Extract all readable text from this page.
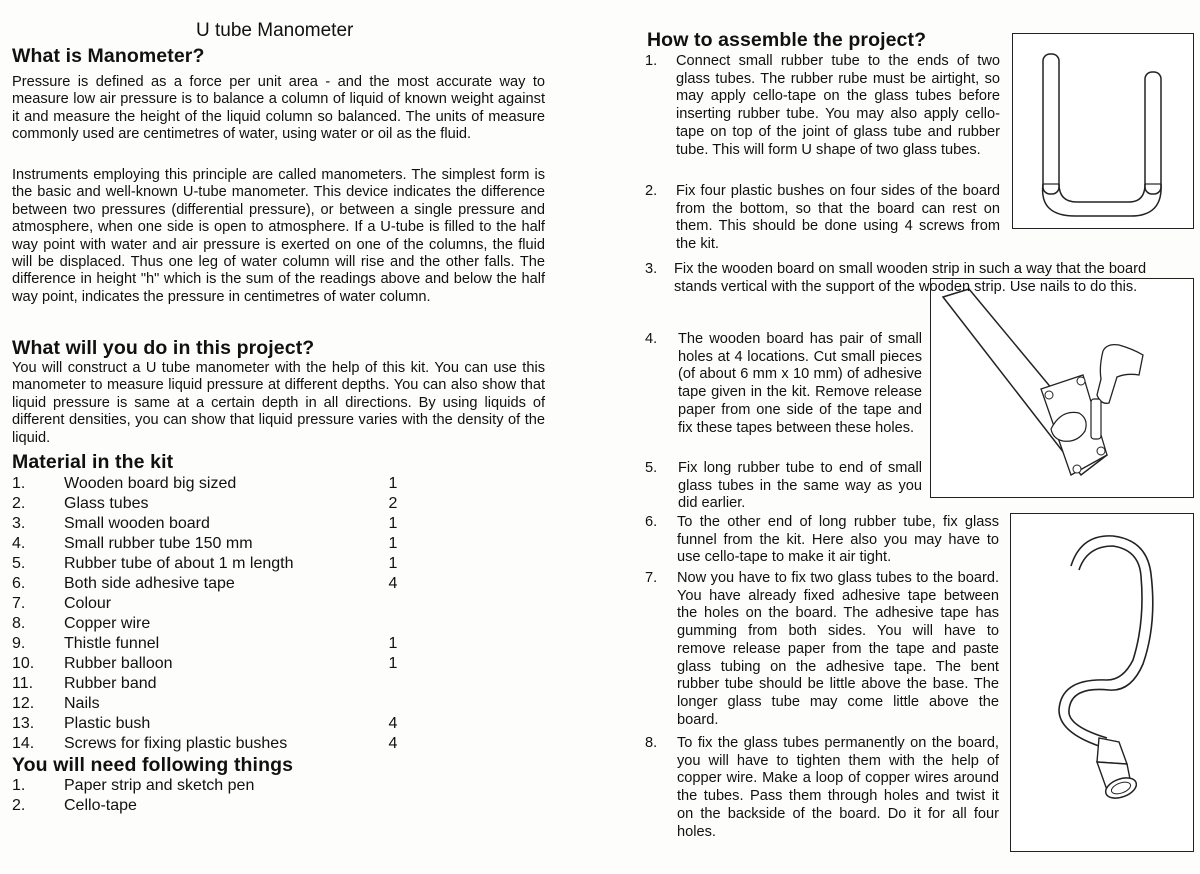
U tube Manometer
What is Manometer?

Pressure is defined as a force per unit area - and the most accurate way to measure low air pressure is to balance a column of liquid of known weight against it and measure the height of the liquid column so balanced. The units of measure commonly used are centimetres of water, using water or oil as the fluid.

Instruments employing this principle are called manometers. The simplest form is the basic and well-known U-tube manometer. This device indicates the difference between two pressures (differential pressure), or between a single pressure and atmosphere, when one side is open to atmosphere. If a U-tube is filled to the half way point with water and air pressure is exerted on one of the columns, the fluid will be displaced. Thus one leg of water column will rise and the other falls. The difference in height "h" which is the sum of the readings above and below the half way point, indicates the pressure in centimetres of water column.

What will you do in this project?

You will construct a U tube manometer with the help of this kit. You can use this manometer to measure liquid pressure at different depths. You can also show that liquid pressure is same at a certain depth in all directions. By using liquids of different densities, you can show that liquid pressure varies with the density of the liquid.

Material in the kit
1. Wooden board big sized	1
2. Glass tubes	2
3. Small wooden board	1
4. Small rubber tube 150 mm	1
5. Rubber tube of about 1 m length	1
6. Both side adhesive tape	4
7. Colour
8. Copper wire
9. Thistle funnel	1
10. Rubber balloon	1
11. Rubber band
12. Nails
13. Plastic bush	4
14. Screws for fixing plastic bushes	4
You will need following things
1. Paper strip and sketch pen
2. Cello-tape
How to assemble the project?
1. Connect small rubber tube to the ends of two glass tubes. The rubber rube must be airtight, so may apply cello-tape on the glass tubes before inserting rubber tube. You may also apply cello-tape on top of the joint of glass tube and rubber tube. This will form U shape of two glass tubes.

2. Fix four plastic bushes on four sides of the board from the bottom, so that the board can rest on them. This should be done using 4 screws from the kit.

3. Fix the wooden board on small wooden strip in such a way that the board stands vertical with the support of the wooden strip. Use nails to do this.

4. The wooden board has pair of small holes at 4 locations. Cut small pieces (of about 6 mm x 10 mm) of adhesive tape given in the kit. Remove release paper from one side of the tape and fix these tapes between these holes.

5. Fix long rubber tube to end of small glass tubes in the same way as you did earlier.

6. To the other end of long rubber tube, fix glass funnel from the kit. Here also you may have to use cello-tape to make it air tight.

7. Now you have to fix two glass tubes to the board. You have already fixed adhesive tape between the holes on the board. The adhesive tape has gumming from both sides. You will have to remove release paper from the tape and paste glass tubing on the adhesive tape. The bent rubber tube should be little above the base. The longer glass tube may come little above the board.

8. To fix the glass tubes permanently on the board, you will have to tighten them with the help of copper wire. Make a loop of copper wires around the tubes. Pass them through holes and twist it on the backside of the board. Do it for all four holes.
